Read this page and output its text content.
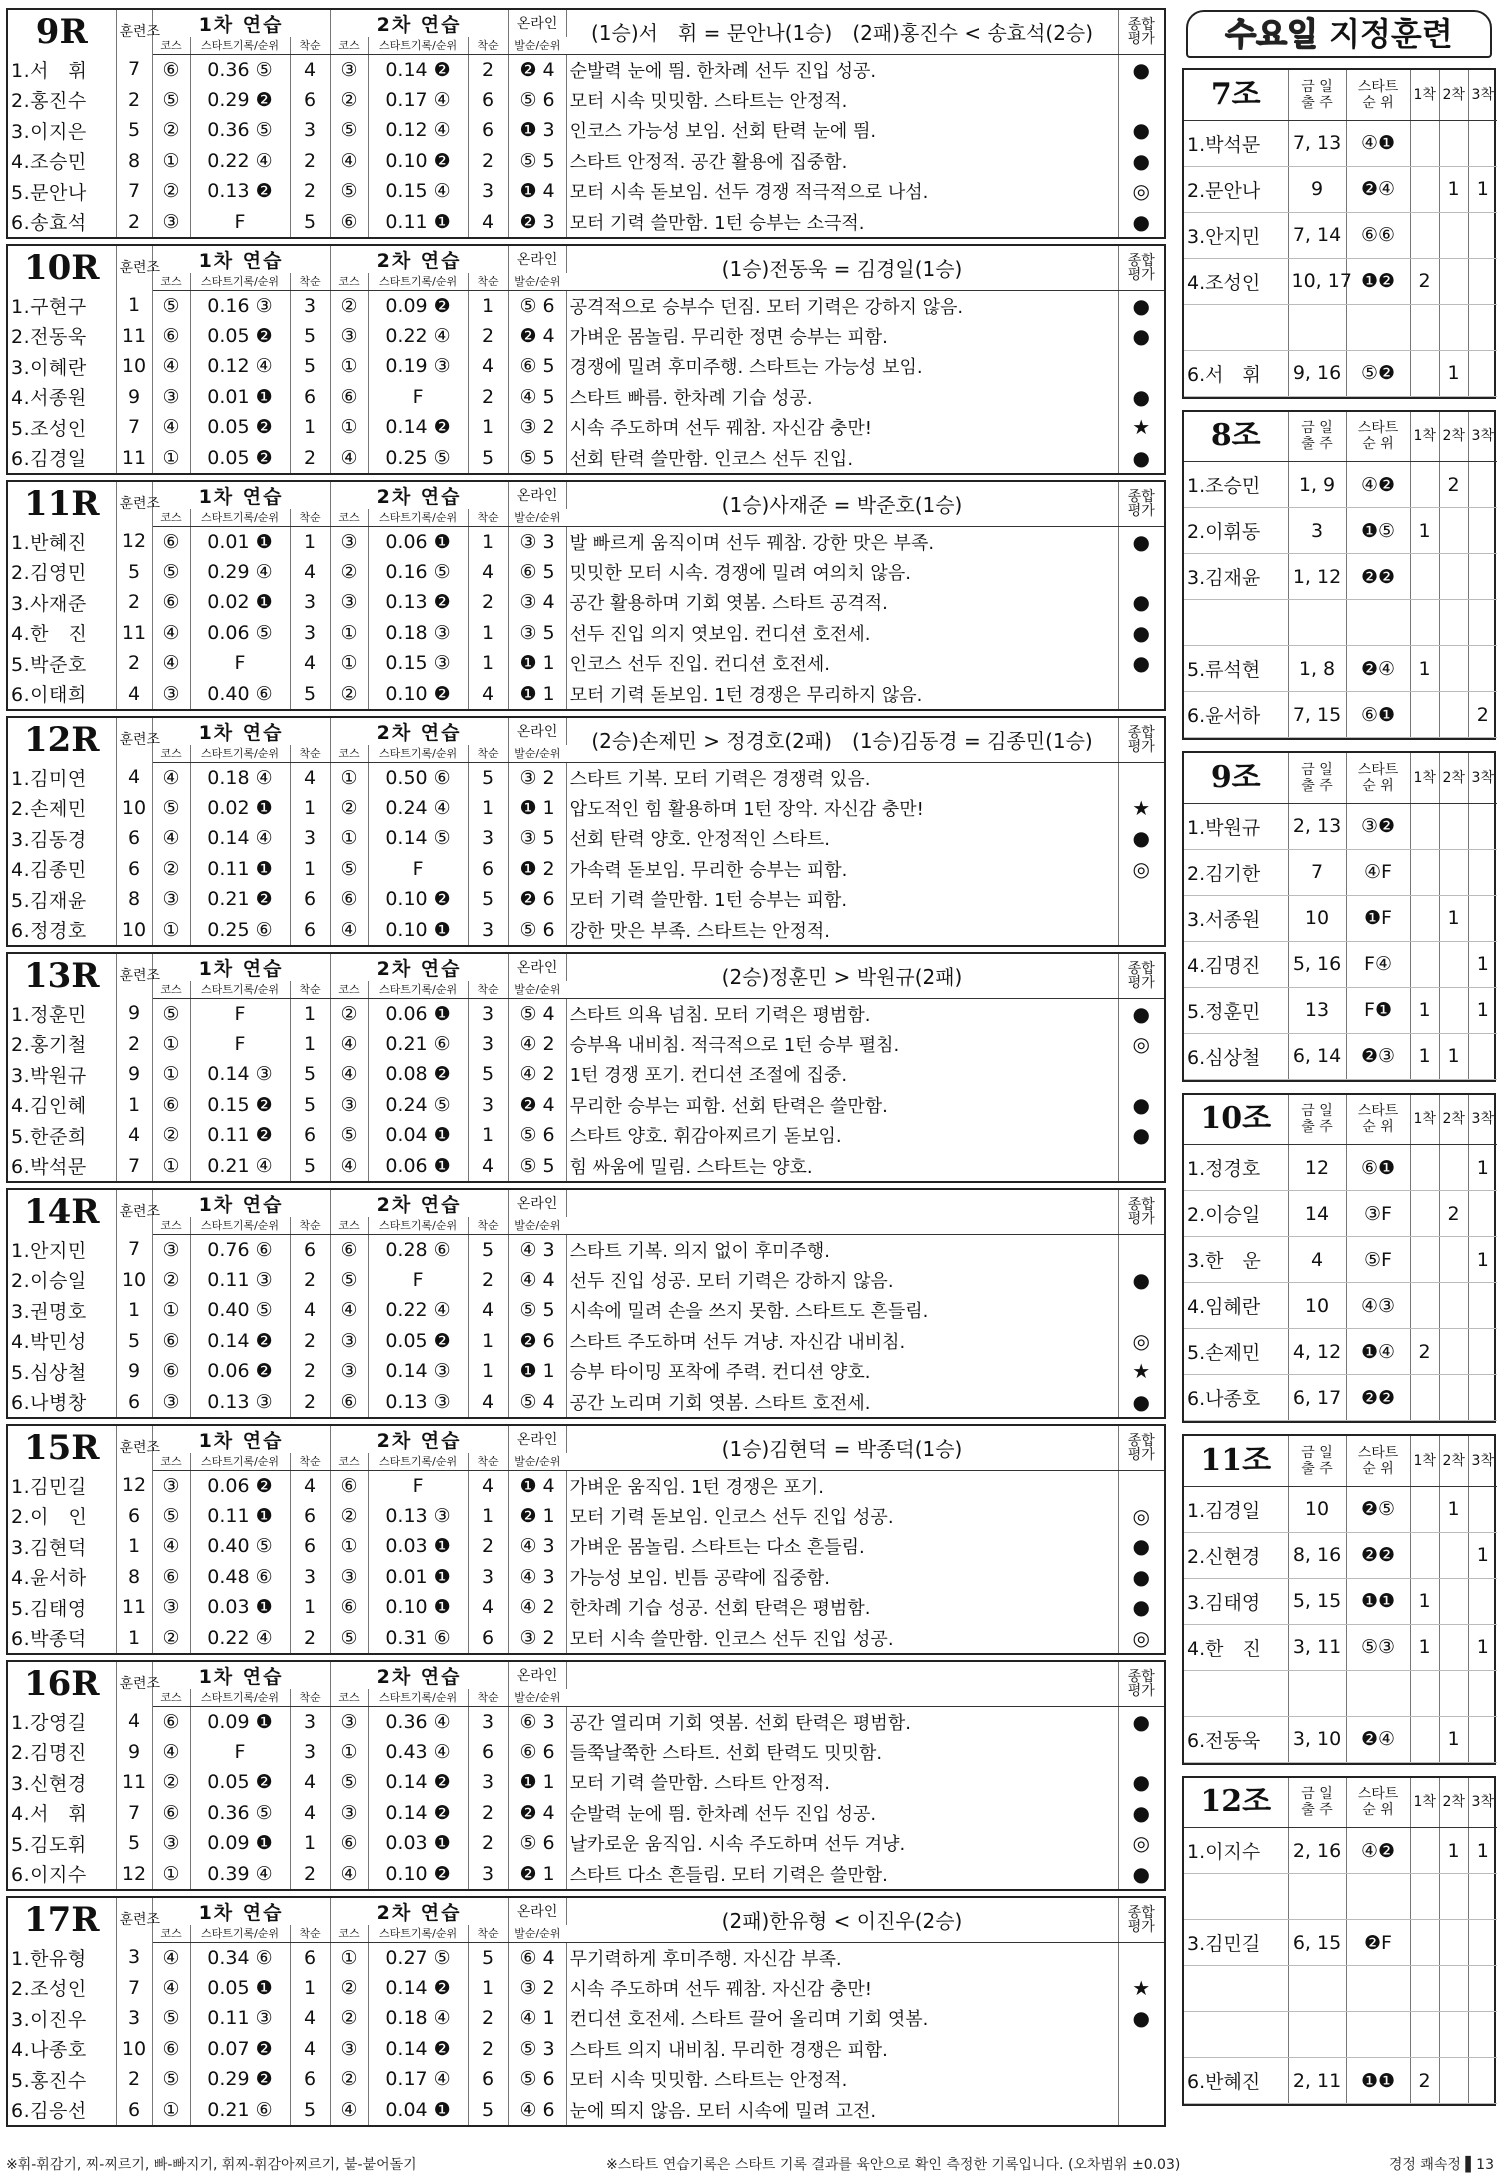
9R	훈련조	1차 연습			2차 연습			온라인	(1승)서　휘 = 문안나(1승)　(2패)홍진수 < 송효석(2승)	종합평가
		코스	스타트기록/순위	착순	코스	스타트기록/순위	착순	발순/순위		
1.서　휘	7	⑥	0.36 ⑤	4	③	0.14 ❷	2	❷ 4	순발력 눈에 띔. 한차례 선두 진입 성공.	●
2.홍진수	2	⑤	0.29 ❷	6	②	0.17 ④	6	⑤ 6	모터 시속 밋밋함. 스타트는 안정적.	
3.이지은	5	②	0.36 ⑤	3	⑤	0.12 ④	6	❶ 3	인코스 가능성 보임. 선회 탄력 눈에 띔.	●
4.조승민	8	①	0.22 ④	2	④	0.10 ❷	2	⑤ 5	스타트 안정적. 공간 활용에 집중함.	●
5.문안나	7	②	0.13 ❷	2	⑤	0.15 ④	3	❶ 4	모터 시속 돋보임. 선두 경쟁 적극적으로 나섬.	◎
6.송효석	2	③	F	5	⑥	0.11 ❶	4	❷ 3	모터 기력 쓸만함. 1턴 승부는 소극적.	●
10R	훈련조	1차 연습			2차 연습			온라인	(1승)전동욱 = 김경일(1승)	종합평가
		코스	스타트기록/순위	착순	코스	스타트기록/순위	착순	발순/순위		
1.구현구	1	⑤	0.16 ③	3	②	0.09 ❷	1	⑤ 6	공격적으로 승부수 던짐. 모터 기력은 강하지 않음.	●
2.전동욱	11	⑥	0.05 ❷	5	③	0.22 ④	2	❷ 4	가벼운 몸놀림. 무리한 정면 승부는 피함.	●
3.이혜란	10	④	0.12 ④	5	①	0.19 ③	4	⑥ 5	경쟁에 밀려 후미주행. 스타트는 가능성 보임.	
4.서종원	9	③	0.01 ❶	6	⑥	F	2	④ 5	스타트 빠름. 한차례 기습 성공.	●
5.조성인	7	④	0.05 ❷	1	①	0.14 ❷	1	③ 2	시속 주도하며 선두 꿰참. 자신감 충만!	★
6.김경일	11	①	0.05 ❷	2	④	0.25 ⑤	5	⑤ 5	선회 탄력 쓸만함. 인코스 선두 진입.	●
11R	훈련조	1차 연습			2차 연습			온라인	(1승)사재준 = 박준호(1승)	종합평가
		코스	스타트기록/순위	착순	코스	스타트기록/순위	착순	발순/순위		
1.반혜진	12	⑥	0.01 ❶	1	③	0.06 ❶	1	③ 3	발 빠르게 움직이며 선두 꿰참. 강한 맛은 부족.	●
2.김영민	5	⑤	0.29 ④	4	②	0.16 ⑤	4	⑥ 5	밋밋한 모터 시속. 경쟁에 밀려 여의치 않음.	
3.사재준	2	⑥	0.02 ❶	3	③	0.13 ❷	2	③ 4	공간 활용하며 기회 엿봄. 스타트 공격적.	●
4.한　진	11	④	0.06 ⑤	3	①	0.18 ③	1	③ 5	선두 진입 의지 엿보임. 컨디션 호전세.	●
5.박준호	2	④	F	4	①	0.15 ③	1	❶ 1	인코스 선두 진입. 컨디션 호전세.	●
6.이태희	4	③	0.40 ⑥	5	②	0.10 ❷	4	❶ 1	모터 기력 돋보임. 1턴 경쟁은 무리하지 않음.	
12R	훈련조	1차 연습			2차 연습			온라인	(2승)손제민 > 정경호(2패)　(1승)김동경 = 김종민(1승)	종합평가
		코스	스타트기록/순위	착순	코스	스타트기록/순위	착순	발순/순위		
1.김미연	4	④	0.18 ④	4	①	0.50 ⑥	5	③ 2	스타트 기복. 모터 기력은 경쟁력 있음.	
2.손제민	10	⑤	0.02 ❶	1	②	0.24 ④	1	❶ 1	압도적인 힘 활용하며 1턴 장악. 자신감 충만!	★
3.김동경	6	④	0.14 ④	3	①	0.14 ⑤	3	③ 5	선회 탄력 양호. 안정적인 스타트.	●
4.김종민	6	②	0.11 ❶	1	⑤	F	6	❶ 2	가속력 돋보임. 무리한 승부는 피함.	◎
5.김재윤	8	③	0.21 ❷	6	⑥	0.10 ❷	5	❷ 6	모터 기력 쓸만함. 1턴 승부는 피함.	
6.정경호	10	①	0.25 ⑥	6	④	0.10 ❶	3	⑤ 6	강한 맛은 부족. 스타트는 안정적.	
13R	훈련조	1차 연습			2차 연습			온라인	(2승)정훈민 > 박원규(2패)	종합평가
		코스	스타트기록/순위	착순	코스	스타트기록/순위	착순	발순/순위		
1.정훈민	9	⑤	F	1	②	0.06 ❶	3	⑤ 4	스타트 의욕 넘침. 모터 기력은 평범함.	●
2.홍기철	2	①	F	1	④	0.21 ⑥	3	④ 2	승부욕 내비침. 적극적으로 1턴 승부 펼침.	◎
3.박원규	9	①	0.14 ③	5	④	0.08 ❷	5	④ 2	1턴 경쟁 포기. 컨디션 조절에 집중.	
4.김인혜	1	⑥	0.15 ❷	5	③	0.24 ⑤	3	❷ 4	무리한 승부는 피함. 선회 탄력은 쓸만함.	●
5.한준희	4	②	0.11 ❷	6	⑤	0.04 ❶	1	⑤ 6	스타트 양호. 휘감아찌르기 돋보임.	●
6.박석문	7	①	0.21 ④	5	④	0.06 ❶	4	⑤ 5	힘 싸움에 밀림. 스타트는 양호.	
14R	훈련조	1차 연습			2차 연습			온라인		종합평가
		코스	스타트기록/순위	착순	코스	스타트기록/순위	착순	발순/순위		
1.안지민	7	③	0.76 ⑥	6	⑥	0.28 ⑥	5	④ 3	스타트 기복. 의지 없이 후미주행.	
2.이승일	10	②	0.11 ③	2	⑤	F	2	④ 4	선두 진입 성공. 모터 기력은 강하지 않음.	●
3.권명호	1	①	0.40 ⑤	4	④	0.22 ④	4	⑤ 5	시속에 밀려 손을 쓰지 못함. 스타트도 흔들림.	
4.박민성	5	⑥	0.14 ❷	2	③	0.05 ❷	1	❷ 6	스타트 주도하며 선두 겨냥. 자신감 내비침.	◎
5.심상철	9	⑥	0.06 ❷	2	③	0.14 ③	1	❶ 1	승부 타이밍 포착에 주력. 컨디션 양호.	★
6.나병창	6	③	0.13 ③	2	⑥	0.13 ③	4	⑤ 4	공간 노리며 기회 엿봄. 스타트 호전세.	●
15R	훈련조	1차 연습			2차 연습			온라인	(1승)김현덕 = 박종덕(1승)	종합평가
		코스	스타트기록/순위	착순	코스	스타트기록/순위	착순	발순/순위		
1.김민길	12	③	0.06 ❷	4	⑥	F	4	❶ 4	가벼운 움직임. 1턴 경쟁은 포기.	
2.이　인	6	⑤	0.11 ❶	6	②	0.13 ③	1	❷ 1	모터 기력 돋보임. 인코스 선두 진입 성공.	◎
3.김현덕	1	④	0.40 ⑤	6	①	0.03 ❶	2	④ 3	가벼운 몸놀림. 스타트는 다소 흔들림.	●
4.윤서하	8	⑥	0.48 ⑥	3	③	0.01 ❶	3	④ 3	가능성 보임. 빈틈 공략에 집중함.	●
5.김태영	11	③	0.03 ❶	1	⑥	0.10 ❶	4	④ 2	한차례 기습 성공. 선회 탄력은 평범함.	●
6.박종덕	1	②	0.22 ④	2	⑤	0.31 ⑥	6	③ 2	모터 시속 쓸만함. 인코스 선두 진입 성공.	◎
16R	훈련조	1차 연습			2차 연습			온라인		종합평가
		코스	스타트기록/순위	착순	코스	스타트기록/순위	착순	발순/순위		
1.강영길	4	⑥	0.09 ❶	3	③	0.36 ④	3	⑥ 3	공간 열리며 기회 엿봄. 선회 탄력은 평범함.	●
2.김명진	9	④	F	3	①	0.43 ④	6	⑥ 6	들쭉날쭉한 스타트. 선회 탄력도 밋밋함.	
3.신현경	11	②	0.05 ❷	4	⑤	0.14 ❷	3	❶ 1	모터 기력 쓸만함. 스타트 안정적.	●
4.서　휘	7	⑥	0.36 ⑤	4	③	0.14 ❷	2	❷ 4	순발력 눈에 띔. 한차례 선두 진입 성공.	●
5.김도휘	5	③	0.09 ❶	1	⑥	0.03 ❶	2	⑤ 6	날카로운 움직임. 시속 주도하며 선두 겨냥.	◎
6.이지수	12	①	0.39 ④	2	④	0.10 ❷	3	❷ 1	스타트 다소 흔들림. 모터 기력은 쓸만함.	●
17R	훈련조	1차 연습			2차 연습			온라인	(2패)한유형 < 이진우(2승)	종합평가
		코스	스타트기록/순위	착순	코스	스타트기록/순위	착순	발순/순위		
1.한유형	3	④	0.34 ⑥	6	①	0.27 ⑤	5	⑥ 4	무기력하게 후미주행. 자신감 부족.	
2.조성인	7	④	0.05 ❶	1	②	0.14 ❷	1	③ 2	시속 주도하며 선두 꿰참. 자신감 충만!	★
3.이진우	3	⑤	0.11 ③	4	②	0.18 ④	2	④ 1	컨디션 호전세. 스타트 끌어 올리며 기회 엿봄.	●
4.나종호	10	⑥	0.07 ❷	4	③	0.14 ❷	2	⑤ 3	스타트 의지 내비침. 무리한 경쟁은 피함.	
5.홍진수	2	⑤	0.29 ❷	6	②	0.17 ④	6	⑤ 6	모터 시속 밋밋함. 스타트는 안정적.	
6.김응선	6	①	0.21 ⑥	5	④	0.04 ❶	5	④ 6	눈에 띄지 않음. 모터 시속에 밀려 고전.	
수요일 지정훈련
7조	금 일
출 주	스타트
순 위	1착	2착	3착
1.박석문	7, 13	④❶			
2.문안나	9	❷④		1	1
3.안지민	7, 14	⑥⑥			
4.조성인	10, 17	❶❷	2		

6.서　휘	9, 16	⑤❷		1	
8조	금 일
출 주	스타트
순 위	1착	2착	3착
1.조승민	1, 9	④❷		2	
2.이휘동	3	❶⑤	1		
3.김재윤	1, 12	❷❷			

5.류석현	1, 8	❷④	1		
6.윤서하	7, 15	⑥❶			2
9조	금 일
출 주	스타트
순 위	1착	2착	3착
1.박원규	2, 13	③❷			
2.김기한	7	④F			
3.서종원	10	❶F		1	
4.김명진	5, 16	F④			1
5.정훈민	13	F❶	1		1
6.심상철	6, 14	❷③	1	1	
10조	금 일
출 주	스타트
순 위	1착	2착	3착
1.정경호	12	⑥❶			1
2.이승일	14	③F		2	
3.한　운	4	⑤F			1
4.임혜란	10	④③			
5.손제민	4, 12	❶④	2		
6.나종호	6, 17	❷❷			
11조	금 일
출 주	스타트
순 위	1착	2착	3착
1.김경일	10	❷⑤		1	
2.신현경	8, 16	❷❷			1
3.김태영	5, 15	❶❶	1		
4.한　진	3, 11	⑤③	1		1

6.전동욱	3, 10	❷④		1	
12조	금 일
출 주	스타트
순 위	1착	2착	3착
1.이지수	2, 16	④❷		1	1

3.김민길	6, 15	❷F			

6.반혜진	2, 11	❶❶	2		
※휘-휘감기, 찌-찌르기, 빠-빠지기, 휘찌-휘감아찌르기, 붙-붙어돌기	※스타트 연습기록은 스타트 기록 결과를 육안으로 확인 측정한 기록입니다. (오차범위 ±0.03)	경정 쾌속정 ▌13
